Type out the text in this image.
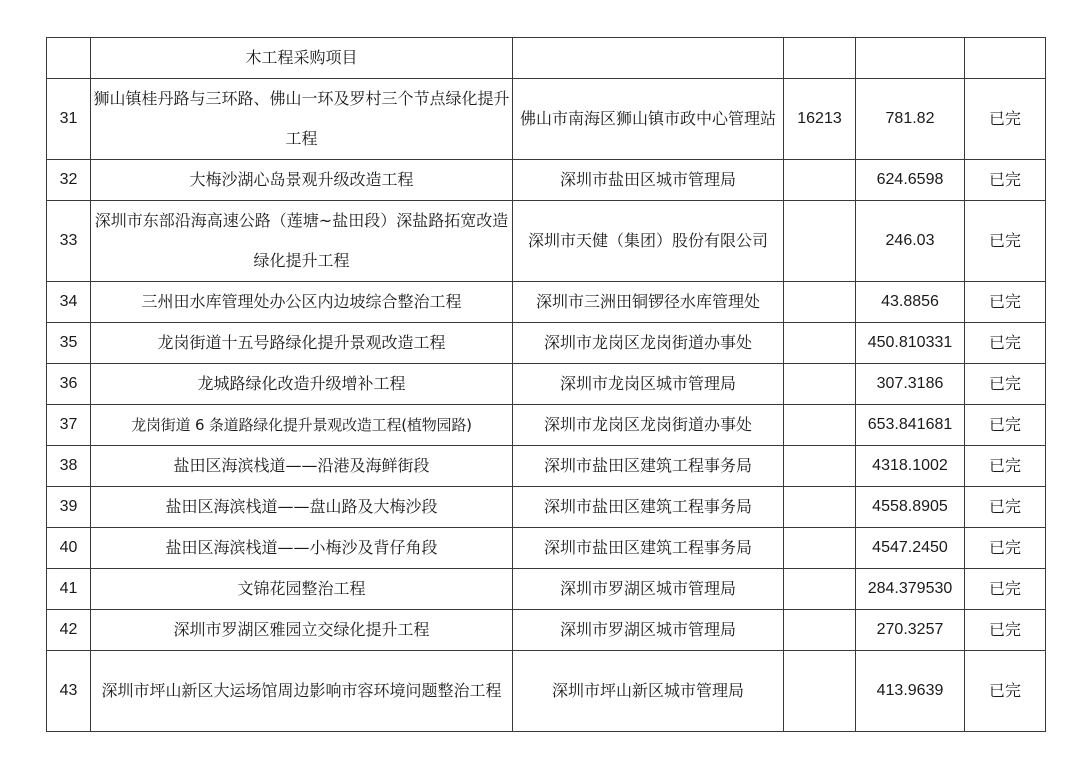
	木工程采购项目				
31	狮山镇桂丹路与三环路、佛山一环及罗村三个节点绿化提升工程	佛山市南海区狮山镇市政中心管理站	16213	781.82	已完
32	大梅沙湖心岛景观升级改造工程	深圳市盐田区城市管理局		624.6598	已完
33	深圳市东部沿海高速公路（莲塘~盐田段）深盐路拓宽改造绿化提升工程	深圳市天健（集团）股份有限公司		246.03	已完
34	三州田水库管理处办公区内边坡综合整治工程	深圳市三洲田铜锣径水库管理处		43.8856	已完
35	龙岗街道十五号路绿化提升景观改造工程	深圳市龙岗区龙岗街道办事处		450.810331	已完
36	龙城路绿化改造升级增补工程	深圳市龙岗区城市管理局		307.3186	已完
37	龙岗街道 6 条道路绿化提升景观改造工程(植物园路)	深圳市龙岗区龙岗街道办事处		653.841681	已完
38	盐田区海滨栈道——沿港及海鲜街段	深圳市盐田区建筑工程事务局		4318.1002	已完
39	盐田区海滨栈道——盘山路及大梅沙段	深圳市盐田区建筑工程事务局		4558.8905	已完
40	盐田区海滨栈道——小梅沙及背仔角段	深圳市盐田区建筑工程事务局		4547.2450	已完
41	文锦花园整治工程	深圳市罗湖区城市管理局		284.379530	已完
42	深圳市罗湖区雅园立交绿化提升工程	深圳市罗湖区城市管理局		270.3257	已完
43	深圳市坪山新区大运场馆周边影响市容环境问题整治工程	深圳市坪山新区城市管理局		413.9639	已完
